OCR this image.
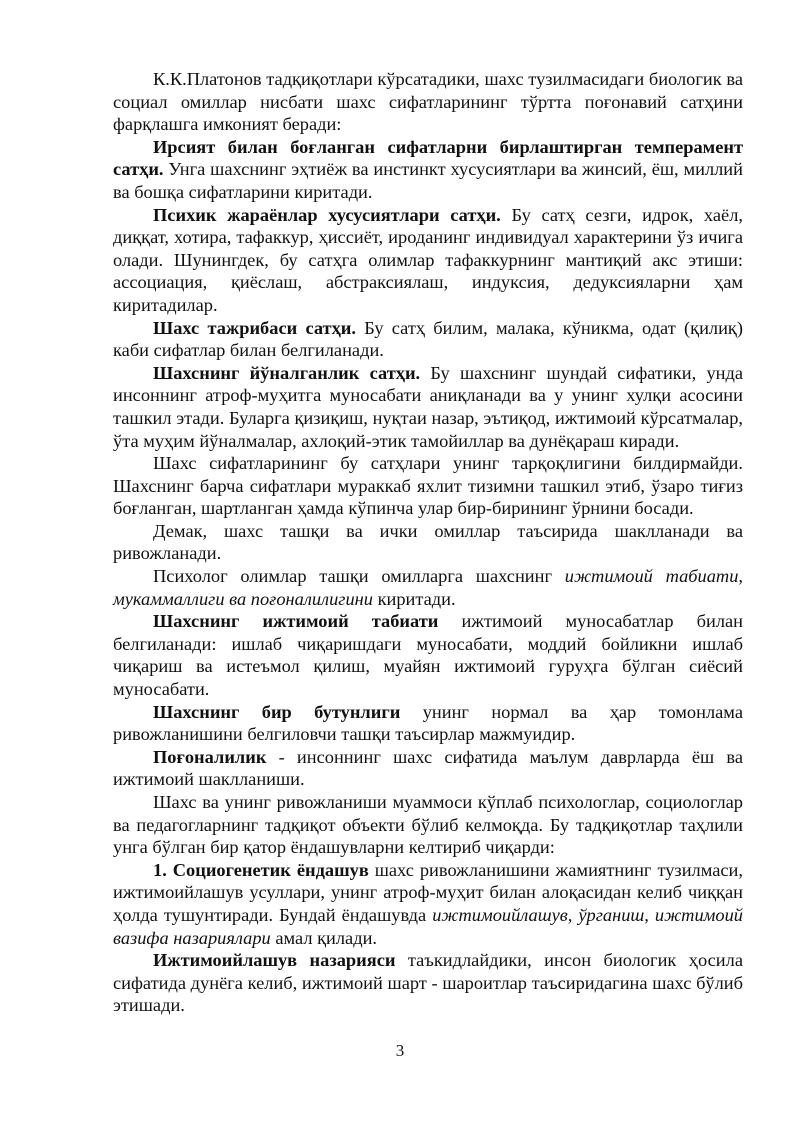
К.К.Платонов тадқиқотлари кўрсатадики, шахс тузилмасидаги биологик ва социал омиллар нисбати шахс сифатларининг тўртта поғонавий сатҳини фарқлашга имконият беради:

Ирсият билан боғланган сифатларни бирлаштирган темперамент сатҳи. Унга шахснинг эҳтиёж ва инстинкт хусусиятлари ва жинсий, ёш, миллий ва бошқа сифатларини киритади.

Психик жараёнлар хусусиятлари сатҳи. Бу сатҳ сезги, идрок, хаёл, диққат, хотира, тафаккур, ҳиссиёт, иродaнинг индивидуал характерини ўз ичига олади. Шунингдек, бу сатҳга олимлар тафаккурнинг мантиқий акс этиши: ассоциация, қиёслаш, абстраксиялаш, индуксия, дедуксияларни ҳам киритадилар.

Шахс тажрибаси сатҳи. Бу сатҳ билим, малака, кўникма, одат (қилиқ) каби сифатлар билан белгиланади.

Шахснинг йўналганлик сатҳи. Бу шахснинг шундай сифатики, унда инсоннинг атроф-муҳитга муносабати аниқланади ва у унинг хулқи асосини ташкил этади. Буларга қизиқиш, нуқтаи назар, эътиқод, ижтимоий кўрсатмалар, ўта муҳим йўналмалар, ахлоқий-этик тамойиллар ва дунёқараш киради.

Шахс сифатларининг бу сатҳлари унинг тарқоқлигини билдирмайди. Шахснинг барча сифатлари мураккаб яхлит тизимни ташкил этиб, ўзаро тиғиз боғланган, шартланган ҳамда кўпинча улар бир-бирининг ўрнини босади.

Демак, шахс ташқи ва ички омиллар таъсирида шаклланади ва ривожланади.

Психолог олимлар ташқи омилларга шахснинг ижтимоий табиати, мукаммаллиги ва поғоналилигини киритади.

Шахснинг ижтимоий табиати ижтимоий муносабатлар билан белгиланади: ишлаб чиқаришдаги муносабати, моддий бойликни ишлаб чиқариш ва истеъмол қилиш, муайян ижтимоий гуруҳга бўлган сиёсий муносабати.

Шахснинг бир бутунлиги унинг нормал ва ҳар томонлама ривожланишини белгиловчи ташқи таъсирлар мажмуидир.

Поғоналилик - инсоннинг шахс сифатида маълум даврларда ёш ва ижтимоий шаклланиши.

Шахс ва унинг ривожланиши муаммоси кўплаб психологлар, социологлар ва педагогларнинг тадқиқот объекти бўлиб келмоқда. Бу тадқиқотлар таҳлили унга бўлган бир қатор ёндашувларни келтириб чиқарди:

1. Социогенетик ёндашув шахс ривожланишини жамиятнинг тузилмаси, ижтимоийлашув усуллари, унинг атроф-муҳит билан алоқасидан келиб чиққан ҳолда тушунтиради. Бундай ёндашувда ижтимоийлашув, ўрганиш, ижтимоий вазифа назариялари амал қилади.

Ижтимоийлашув назарияси таъкидлайдики, инсон биологик ҳосила сифатида дунёга келиб, ижтимоий шарт - шароитлар таъсиридагина шахс бўлиб этишади.

3
